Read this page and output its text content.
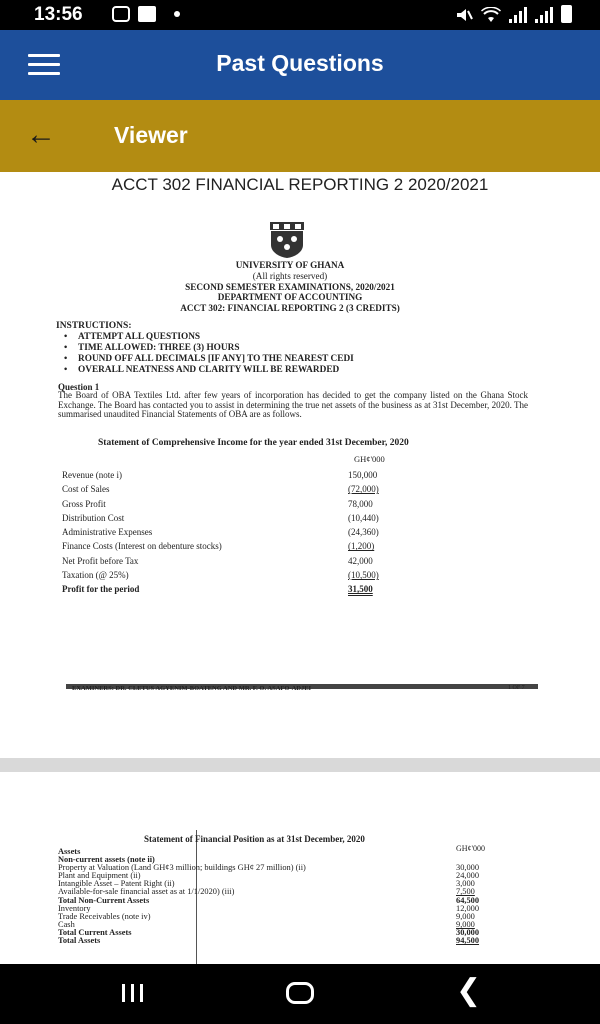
13:56
Past Questions
←	Viewer
ACCT 302 FINANCIAL REPORTING 2 2020/2021
UNIVERSITY OF GHANA
(All rights reserved)
SECOND SEMESTER EXAMINATIONS, 2020/2021
DEPARTMENT OF ACCOUNTING
ACCT 302: FINANCIAL REPORTING 2 (3 CREDITS)
INSTRUCTIONS:
• ATTEMPT ALL QUESTIONS
• TIME ALLOWED: THREE (3) HOURS
• ROUND OFF ALL DECIMALS [IF ANY] TO THE NEAREST CEDI
• OVERALL NEATNESS AND CLARITY WILL BE REWARDED
Question 1
The Board of OBA Textiles Ltd. after few years of incorporation has decided to get the company listed on the Ghana Stock Exchange. The Board has contacted you to assist in determining the true net assets of the business as at 31st December, 2020. The summarised unaudited Financial Statements of OBA are as follows.
Statement of Comprehensive Income for the year ended 31st December, 2020
GH¢'000
Revenue (note i)	150,000
Cost of Sales	(72,000)
Gross Profit	78,000
Distribution Cost	(10,440)
Administrative Expenses	(24,360)
Finance Costs (Interest on debenture stocks)	(1,200)
Net Profit before Tax	42,000
Taxation (@ 25%)	(10,500)
Profit for the period	31,500
EXAMINERS: DR. CLETUS AGYENIM-BOATENG AND MR. F. O. ASAFO-ADJEI	1 OF 7
Statement of Financial Position as at 31st December, 2020
GH¢'000
Assets
Non-current assets (note ii)
Property at Valuation (Land GH¢3 million; buildings GH¢ 27 million) (ii)	30,000
Plant and Equipment (ii)	24,000
Intangible Asset – Patent Right (ii)	3,000
Available-for-sale financial asset as at 1/1/2020) (iii)	7,500
Total Non-Current Assets	64,500
Inventory	12,000
Trade Receivables (note iv)	9,000
Cash	9,000
Total Current Assets	30,000
Total Assets	94,500
❮
